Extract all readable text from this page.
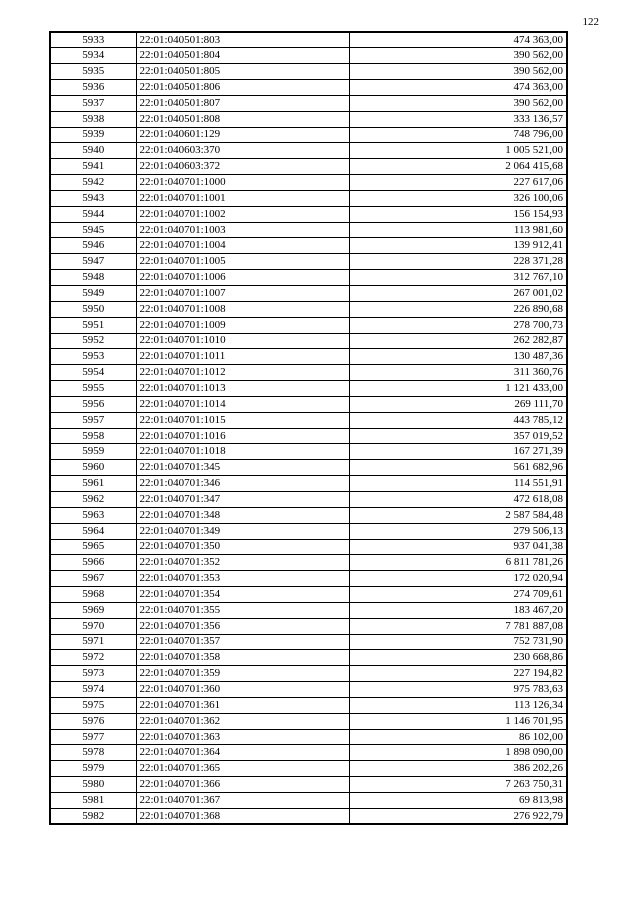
122
5933	22:01:040501:803	474 363,00
5934	22:01:040501:804	390 562,00
5935	22:01:040501:805	390 562,00
5936	22:01:040501:806	474 363,00
5937	22:01:040501:807	390 562,00
5938	22:01:040501:808	333 136,57
5939	22:01:040601:129	748 796,00
5940	22:01:040603:370	1 005 521,00
5941	22:01:040603:372	2 064 415,68
5942	22:01:040701:1000	227 617,06
5943	22:01:040701:1001	326 100,06
5944	22:01:040701:1002	156 154,93
5945	22:01:040701:1003	113 981,60
5946	22:01:040701:1004	139 912,41
5947	22:01:040701:1005	228 371,28
5948	22:01:040701:1006	312 767,10
5949	22:01:040701:1007	267 001,02
5950	22:01:040701:1008	226 890,68
5951	22:01:040701:1009	278 700,73
5952	22:01:040701:1010	262 282,87
5953	22:01:040701:1011	130 487,36
5954	22:01:040701:1012	311 360,76
5955	22:01:040701:1013	1 121 433,00
5956	22:01:040701:1014	269 111,70
5957	22:01:040701:1015	443 785,12
5958	22:01:040701:1016	357 019,52
5959	22:01:040701:1018	167 271,39
5960	22:01:040701:345	561 682,96
5961	22:01:040701:346	114 551,91
5962	22:01:040701:347	472 618,08
5963	22:01:040701:348	2 587 584,48
5964	22:01:040701:349	279 506,13
5965	22:01:040701:350	937 041,38
5966	22:01:040701:352	6 811 781,26
5967	22:01:040701:353	172 020,94
5968	22:01:040701:354	274 709,61
5969	22:01:040701:355	183 467,20
5970	22:01:040701:356	7 781 887,08
5971	22:01:040701:357	752 731,90
5972	22:01:040701:358	230 668,86
5973	22:01:040701:359	227 194,82
5974	22:01:040701:360	975 783,63
5975	22:01:040701:361	113 126,34
5976	22:01:040701:362	1 146 701,95
5977	22:01:040701:363	86 102,00
5978	22:01:040701:364	1 898 090,00
5979	22:01:040701:365	386 202,26
5980	22:01:040701:366	7 263 750,31
5981	22:01:040701:367	69 813,98
5982	22:01:040701:368	276 922,79
